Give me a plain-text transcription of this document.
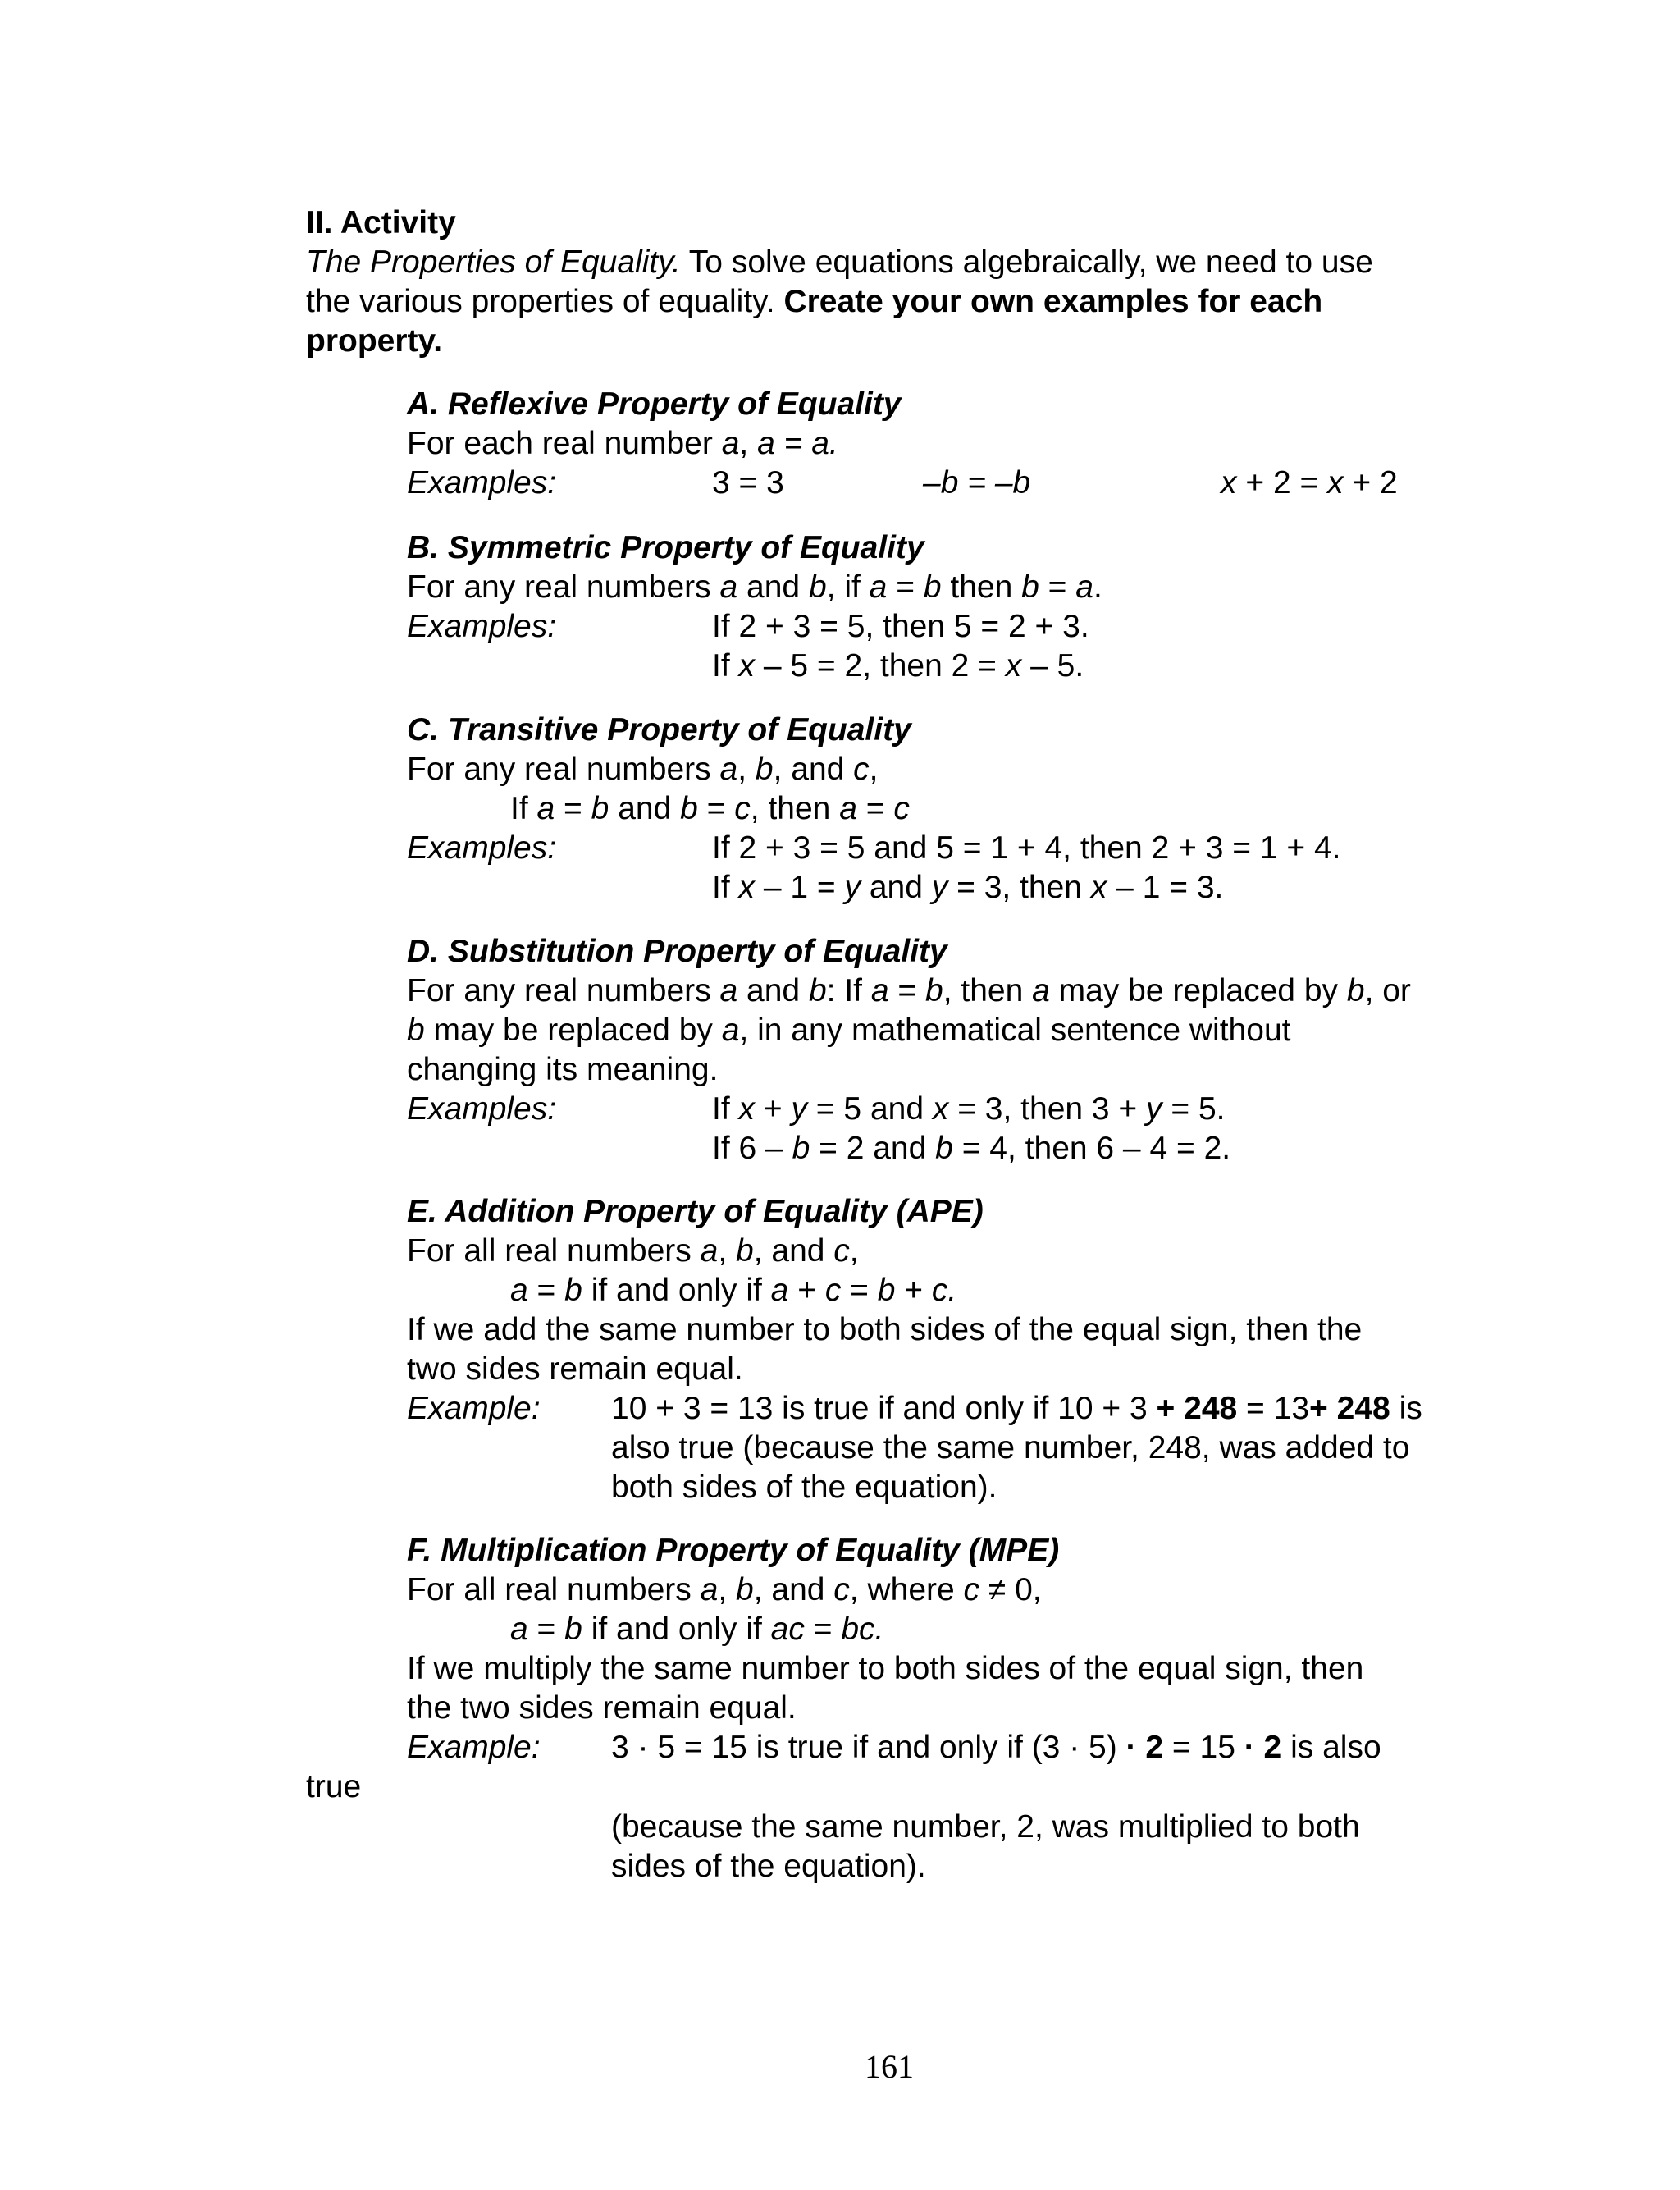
II. Activity
The Properties of Equality. To solve equations algebraically, we need to use
the various properties of equality. Create your own examples for each
property.
A. Reflexive Property of Equality
For each real number a, a = a.
Examples:	3 = 3	–b = –b	x + 2 = x + 2
B. Symmetric Property of Equality
For any real numbers a and b, if a = b then b = a.
Examples:	If 2 + 3 = 5, then 5 = 2 + 3.
If x – 5 = 2, then 2 = x – 5.
C. Transitive Property of Equality
For any real numbers a, b, and c,
If a = b and b = c, then a = c
Examples:	If 2 + 3 = 5 and 5 = 1 + 4, then 2 + 3 = 1 + 4.
If x – 1 = y and y = 3, then x – 1 = 3.
D. Substitution Property of Equality
For any real numbers a and b: If a = b, then a may be replaced by b, or
b may be replaced by a, in any mathematical sentence without
changing its meaning.
Examples:	If x + y = 5 and x = 3, then 3 + y = 5.
If 6 – b = 2 and b = 4, then 6 – 4 = 2.
E. Addition Property of Equality (APE)
For all real numbers a, b, and c,
a = b if and only if a + c = b + c.
If we add the same number to both sides of the equal sign, then the
two sides remain equal.
Example: 10 + 3 = 13 is true if and only if 10 + 3 + 248 = 13+ 248 is
also true (because the same number, 248, was added to
both sides of the equation).
F. Multiplication Property of Equality (MPE)
For all real numbers a, b, and c, where c ≠ 0,
a = b if and only if ac = bc.
If we multiply the same number to both sides of the equal sign, then
the two sides remain equal.
Example: 3 · 5 = 15 is true if and only if (3 · 5) · 2 = 15 · 2 is also
true
(because the same number, 2, was multiplied to both
sides of the equation).
161
